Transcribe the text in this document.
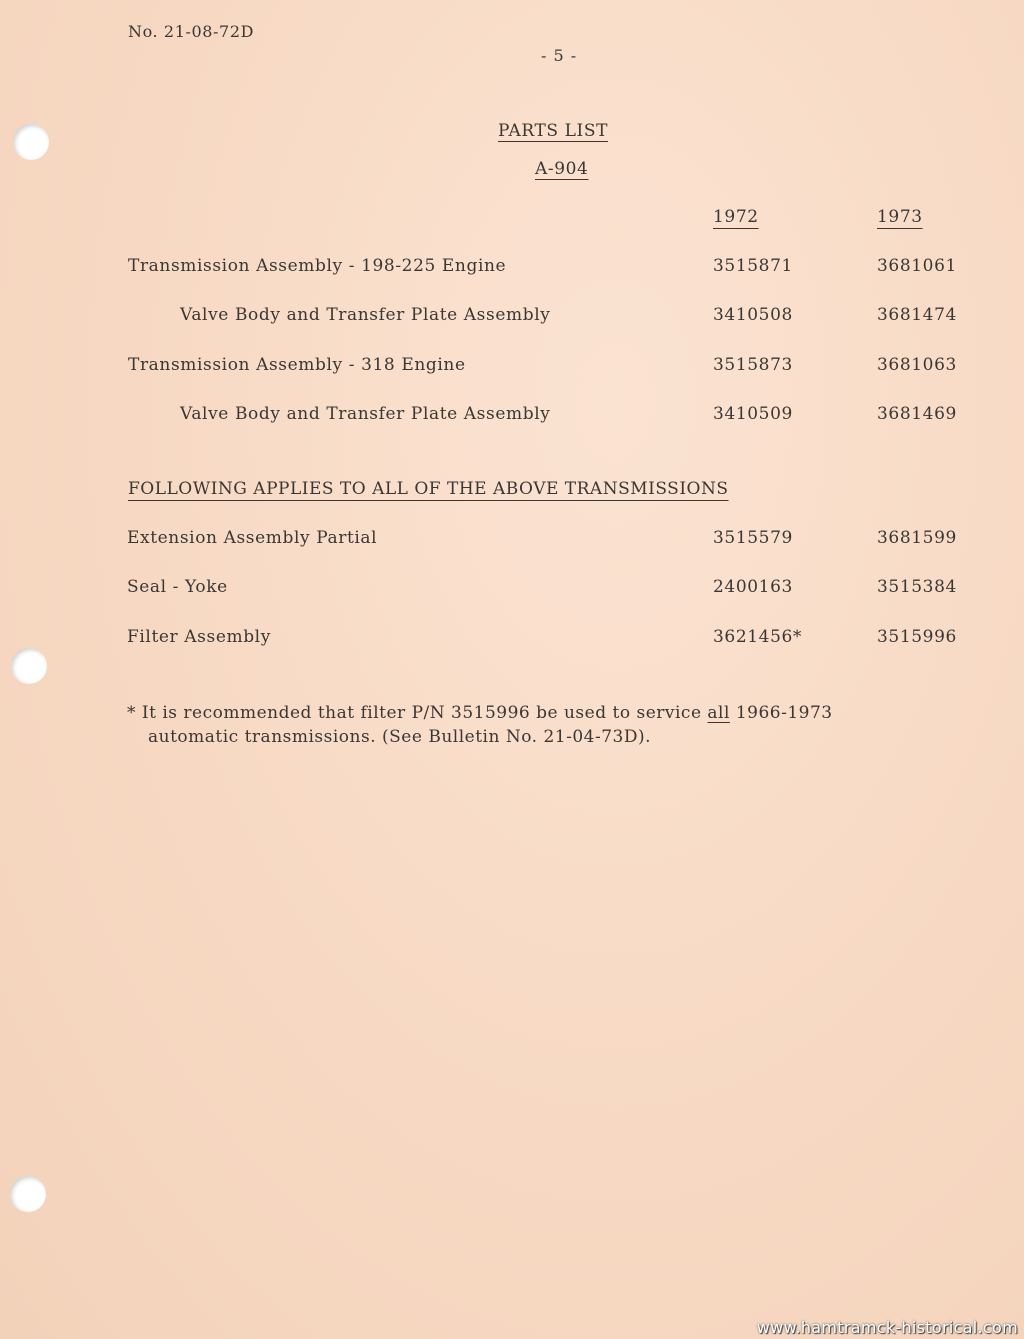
No. 21-08-72D
- 5 -
PARTS LIST
A-904
1972	1973
Transmission Assembly - 198-225 Engine	3515871	3681061
Valve Body and Transfer Plate Assembly	3410508	3681474
Transmission Assembly - 318 Engine	3515873	3681063
Valve Body and Transfer Plate Assembly	3410509	3681469
FOLLOWING APPLIES TO ALL OF THE ABOVE TRANSMISSIONS
Extension Assembly Partial	3515579	3681599
Seal - Yoke	2400163	3515384
Filter Assembly	3621456*	3515996
* It is recommended that filter P/N 3515996 be used to service all 1966-1973
automatic transmissions. (See Bulletin No. 21-04-73D).
www.hamtramck-historical.com
